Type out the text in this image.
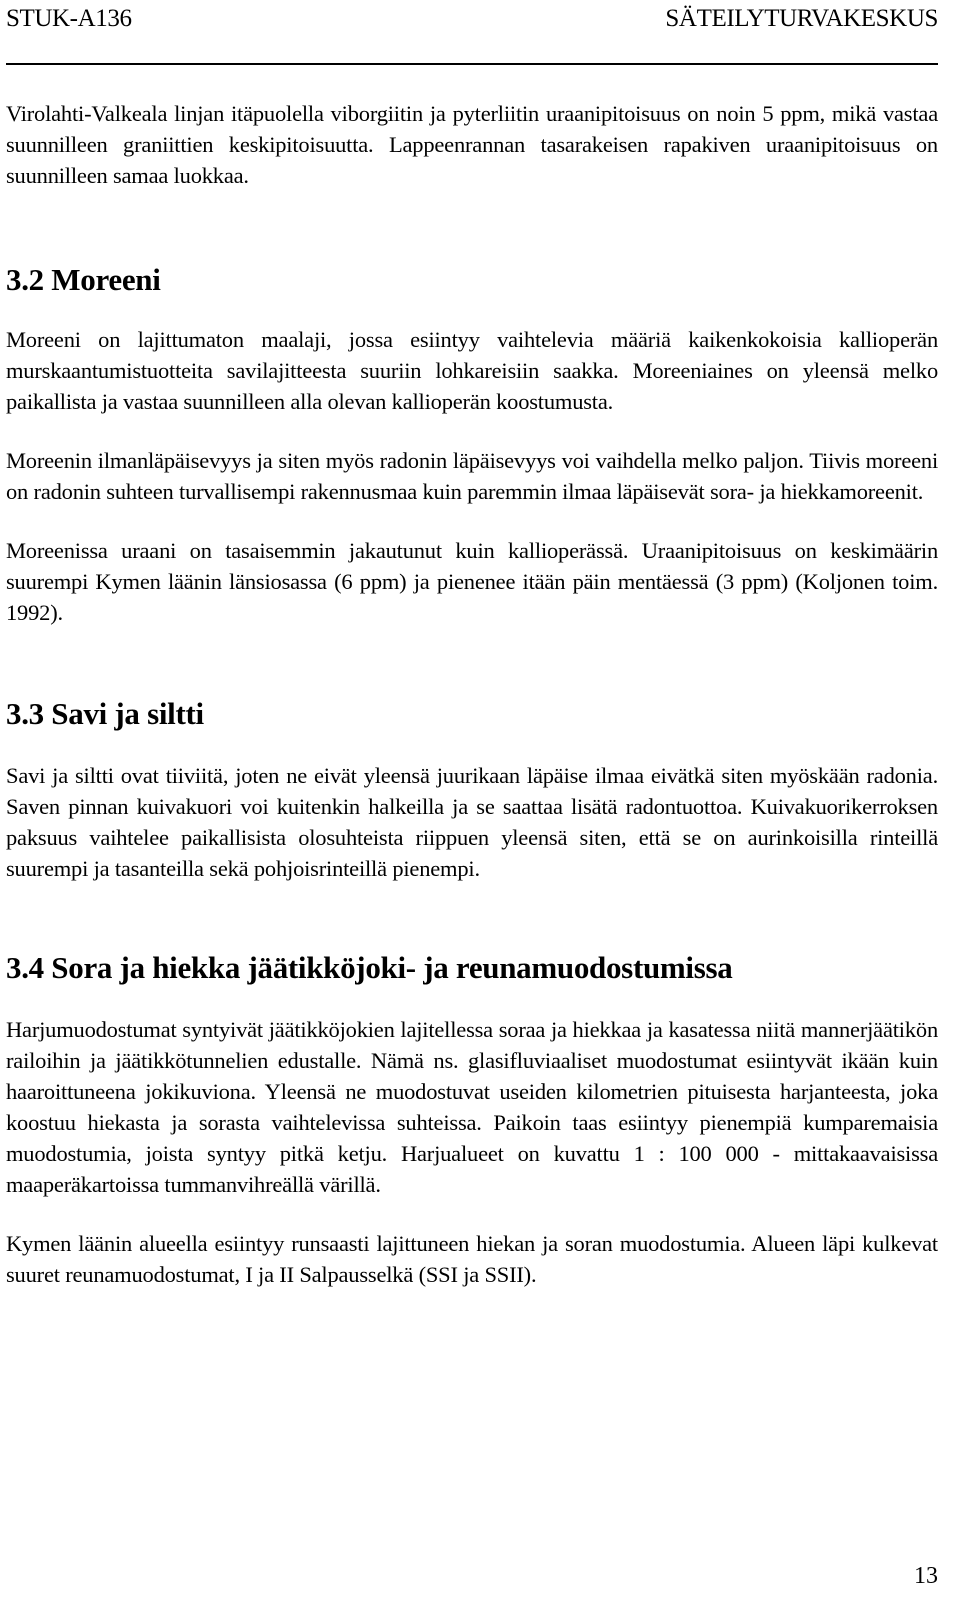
STUK-A136	SÄTEILYTURVAKESKUS

Virolahti-Valkeala linjan itäpuolella viborgiitin ja pyterliitin uraanipitoisuus on noin 5 ppm, mikä vastaa suunnilleen graniittien keskipitoisuutta. Lappeenrannan tasarakeisen rapakiven uraanipitoisuus on suunnilleen samaa luokkaa.

3.2 Moreeni

Moreeni on lajittumaton maalaji, jossa esiintyy vaihtelevia määriä kaikenkokoisia kallioperän murskaantumistuotteita savilajitteesta suuriin lohkareisiin saakka. Moreeniaines on yleensä melko paikallista ja vastaa suunnilleen alla olevan kallioperän koostumusta.

Moreenin ilmanläpäisevyys ja siten myös radonin läpäisevyys voi vaihdella melko paljon. Tiivis moreeni on radonin suhteen turvallisempi rakennusmaa kuin paremmin ilmaa läpäisevät sora- ja hiekkamoreenit.

Moreenissa uraani on tasaisemmin jakautunut kuin kallioperässä. Uraanipitoisuus on keskimäärin suurempi Kymen läänin länsiosassa (6 ppm) ja pienenee itään päin mentäessä (3 ppm) (Koljonen toim. 1992).

3.3 Savi ja siltti

Savi ja siltti ovat tiiviitä, joten ne eivät yleensä juurikaan läpäise ilmaa eivätkä siten myöskään radonia. Saven pinnan kuivakuori voi kuitenkin halkeilla ja se saattaa lisätä radontuottoa. Kuivakuorikerroksen paksuus vaihtelee paikallisista olosuhteista riippuen yleensä siten, että se on aurinkoisilla rinteillä suurempi ja tasanteilla sekä pohjoisrinteillä pienempi.

3.4 Sora ja hiekka jäätikköjoki- ja reunamuodostumissa

Harjumuodostumat syntyivät jäätikköjokien lajitellessa soraa ja hiekkaa ja kasatessa niitä mannerjäätikön railoihin ja jäätikkötunnelien edustalle. Nämä ns. glasifluviaaliset muodostumat esiintyvät ikään kuin haaroittuneena jokikuviona. Yleensä ne muodostuvat useiden kilometrien pituisesta harjanteesta, joka koostuu hiekasta ja sorasta vaihtelevissa suhteissa. Paikoin taas esiintyy pienempiä kumparemaisia muodostumia, joista syntyy pitkä ketju. Harjualueet on kuvattu 1 : 100 000 - mittakaavaisissa maaperäkartoissa tummanvihreällä värillä.

Kymen läänin alueella esiintyy runsaasti lajittuneen hiekan ja soran muodostumia. Alueen läpi kulkevat suuret reunamuodostumat, I ja II Salpausselkä (SSI ja SSII).

13
